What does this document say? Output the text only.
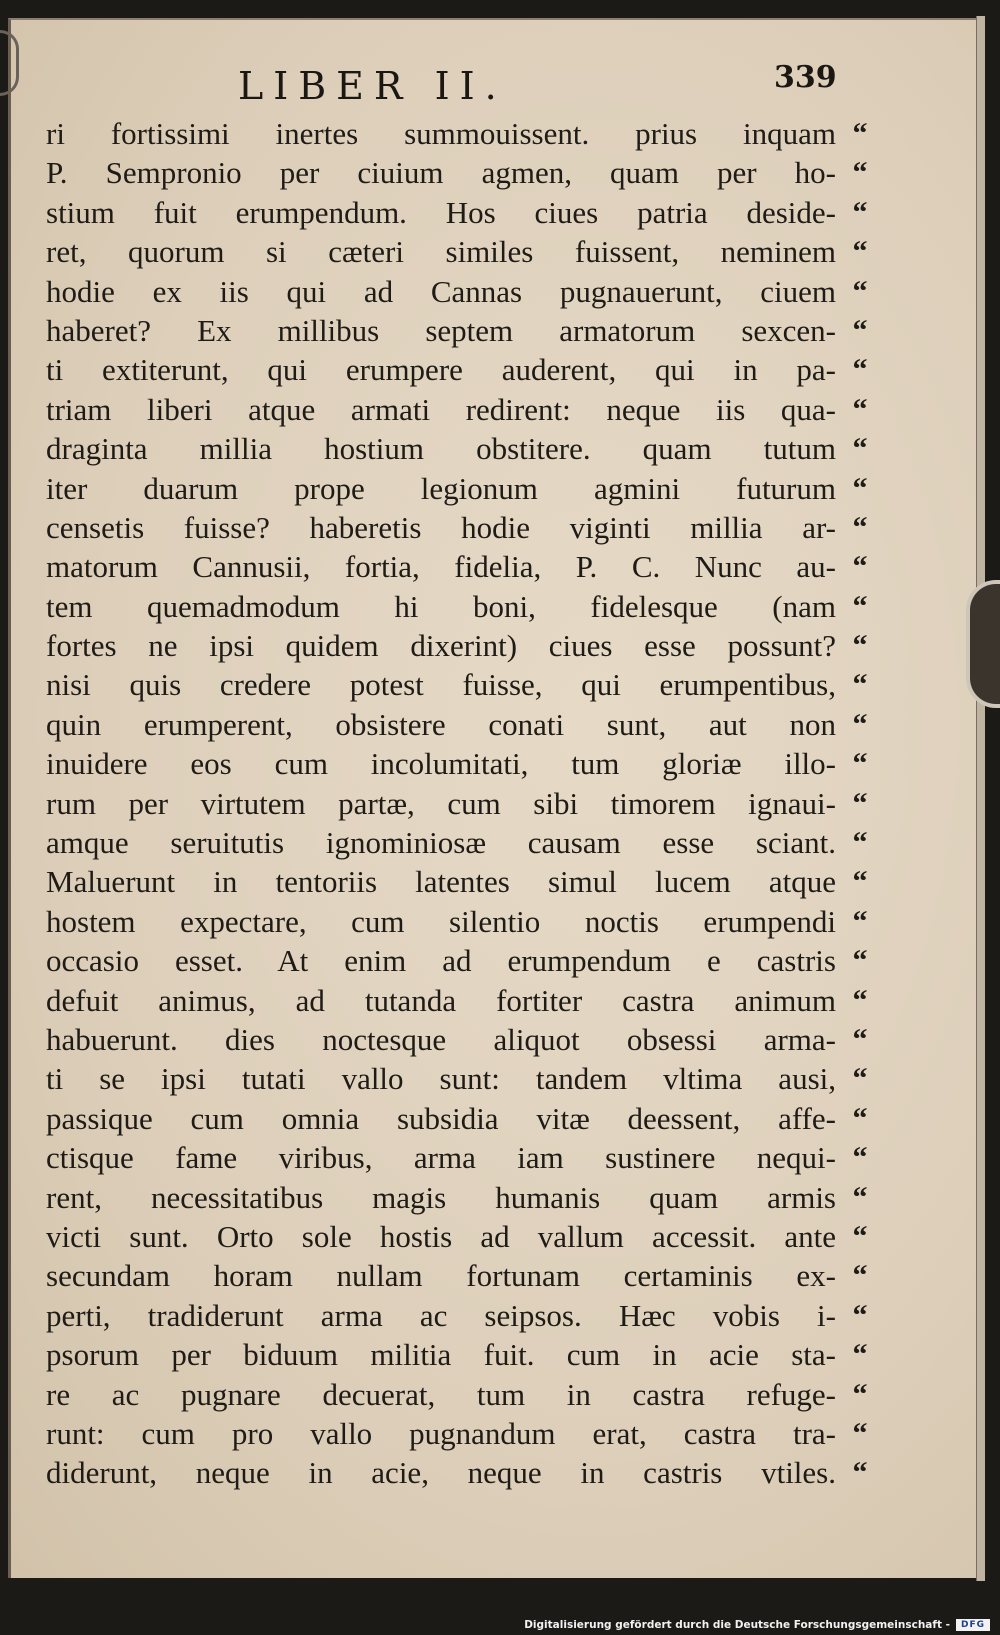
LIBER II.	339
ri fortissimi inertes summouissent. prius inquam
P. Sempronio per ciuium agmen, quam per ho-
stium fuit erumpendum. Hos ciues patria deside-
ret, quorum si cæteri similes fuissent, neminem
hodie ex iis qui ad Cannas pugnauerunt, ciuem
haberet? Ex millibus septem armatorum sexcen-
ti extiterunt, qui erumpere auderent, qui in pa-
triam liberi atque armati redirent: neque iis qua-
draginta millia hostium obstitere. quam tutum
iter duarum prope legionum agmini futurum
censetis fuisse? haberetis hodie viginti millia ar-
matorum Cannusii, fortia, fidelia, P. C. Nunc au-
tem quemadmodum hi boni, fidelesque (nam
fortes ne ipsi quidem dixerint) ciues esse possunt?
nisi quis credere potest fuisse, qui erumpentibus,
quin erumperent, obsistere conati sunt, aut non
inuidere eos cum incolumitati, tum gloriæ illo-
rum per virtutem partæ, cum sibi timorem ignaui-
amque seruitutis ignominiosæ causam esse sciant.
Maluerunt in tentoriis latentes simul lucem atque
hostem expectare, cum silentio noctis erumpendi
occasio esset. At enim ad erumpendum e castris
defuit animus, ad tutanda fortiter castra animum
habuerunt. dies noctesque aliquot obsessi arma-
ti se ipsi tutati vallo sunt: tandem vltima ausi,
passique cum omnia subsidia vitæ deessent, affe-
ctisque fame viribus, arma iam sustinere nequi-
rent, necessitatibus magis humanis quam armis
victi sunt. Orto sole hostis ad vallum accessit. ante
secundam horam nullam fortunam certaminis ex-
perti, tradiderunt arma ac seipsos. Hæc vobis i-
psorum per biduum militia fuit. cum in acie sta-
re ac pugnare decuerat, tum in castra refuge-
runt: cum pro vallo pugnandum erat, castra tra-
diderunt, neque in acie, neque in castris vtiles.
“
“
“
“
“
“
“
“
“
“
“
“
“
“
“
“
“
“
“
“
“
“
“
“
“
“
“
“
“
“
“
“
“
“
“
Digitalisierung gefördert durch die Deutsche Forschungsgemeinschaft -	DFG
